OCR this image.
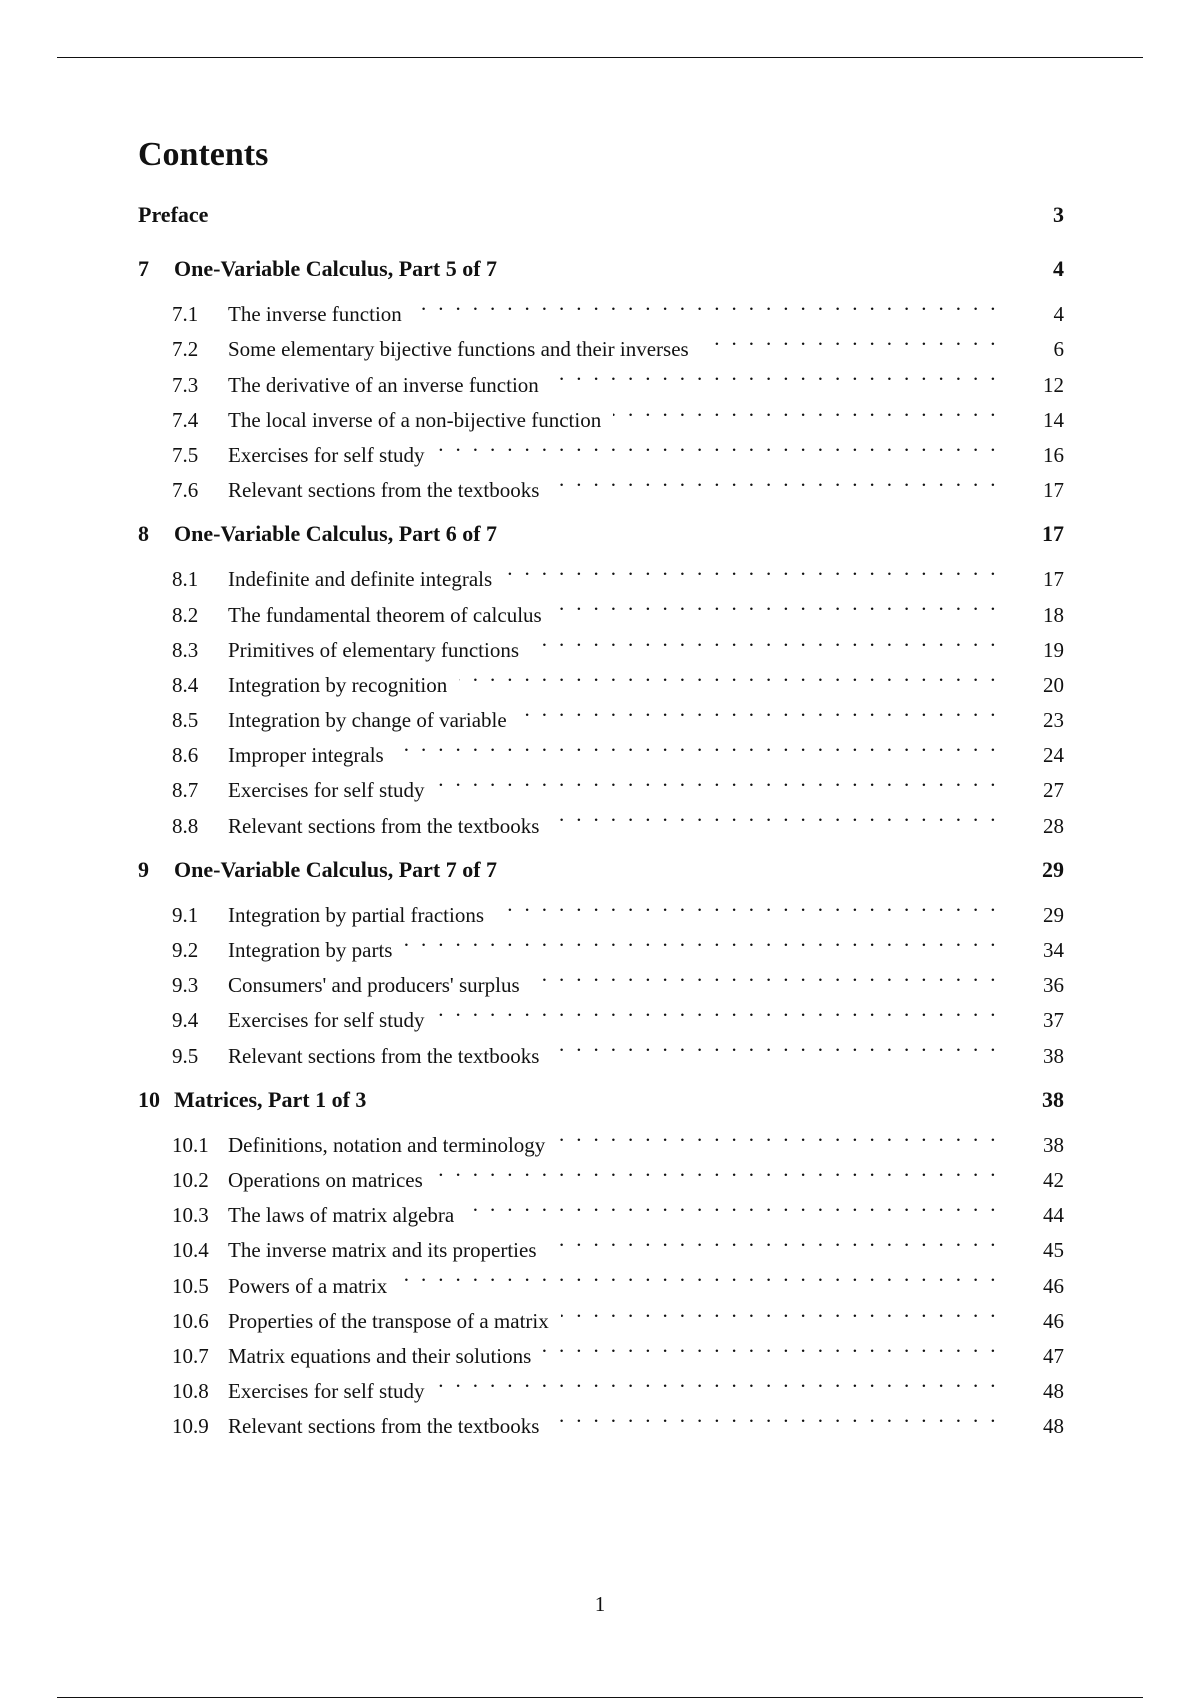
Contents
Preface	3
7	One-Variable Calculus, Part 5 of 7	4
7.1	The inverse function . .	4
7.2	Some elementary bijective functions and their inverses . .	6
7.3	The derivative of an inverse function . .	12
7.4	The local inverse of a non-bijective function . .	14
7.5	Exercises for self study . .	16
7.6	Relevant sections from the textbooks . .	17
8	One-Variable Calculus, Part 6 of 7	17
8.1	Indefinite and definite integrals . .	17
8.2	The fundamental theorem of calculus . .	18
8.3	Primitives of elementary functions . .	19
8.4	Integration by recognition . .	20
8.5	Integration by change of variable . .	23
8.6	Improper integrals . .	24
8.7	Exercises for self study . .	27
8.8	Relevant sections from the textbooks . .	28
9	One-Variable Calculus, Part 7 of 7	29
9.1	Integration by partial fractions . .	29
9.2	Integration by parts . .	34
9.3	Consumers' and producers' surplus . .	36
9.4	Exercises for self study . .	37
9.5	Relevant sections from the textbooks . .	38
10 Matrices, Part 1 of 3	38
10.1 Definitions, notation and terminology . .	38
10.2 Operations on matrices . .	42
10.3 The laws of matrix algebra . .	44
10.4 The inverse matrix and its properties . .	45
10.5 Powers of a matrix . .	46
10.6 Properties of the transpose of a matrix . .	46
10.7 Matrix equations and their solutions . .	47
10.8 Exercises for self study . .	48
10.9 Relevant sections from the textbooks . .	48
1
